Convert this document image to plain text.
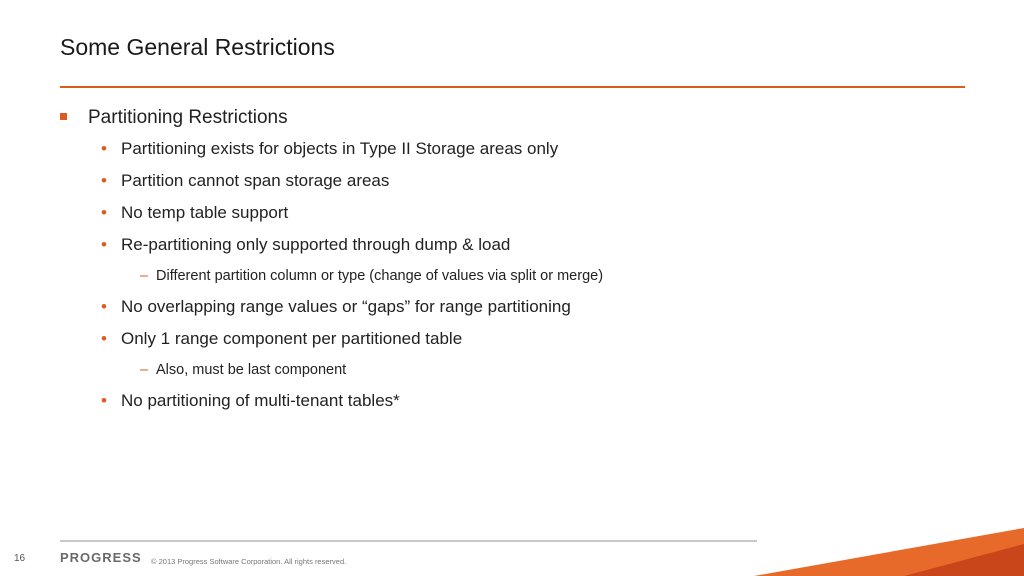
Some General Restrictions
Partitioning Restrictions
• Partitioning exists for objects in Type II Storage areas only
• Partition cannot span storage areas
• No temp table support
• Re-partitioning only supported through dump & load
– Different partition column or type (change of values via split or merge)
• No overlapping range values or “gaps” for range partitioning
• Only 1 range component per partitioned table
– Also, must be last component
• No partitioning of multi-tenant tables*
16	PROGRESS © 2013 Progress Software Corporation. All rights reserved.
